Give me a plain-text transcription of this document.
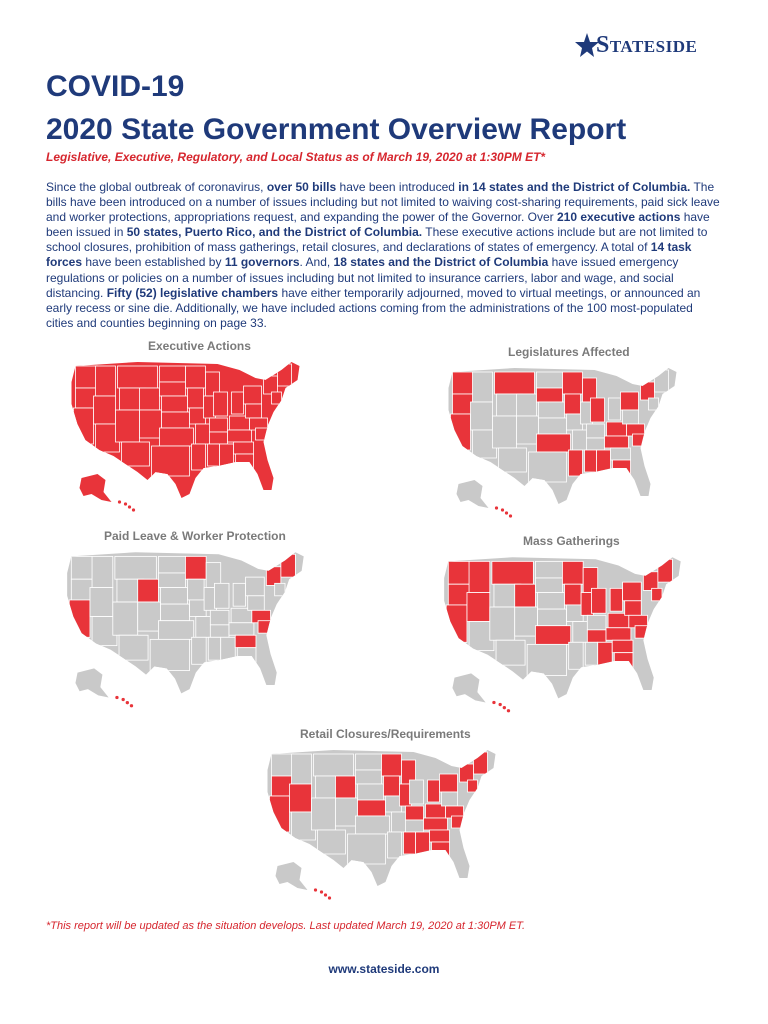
Stateside
COVID-19
2020 State Government Overview Report
Legislative, Executive, Regulatory, and Local Status as of March 19, 2020 at 1:30PM ET*
Since the global outbreak of coronavirus, over 50 bills have been introduced in 14 states and the District of Columbia. The bills have been introduced on a number of issues including but not limited to waiving cost-sharing requirements, paid sick leave and worker protections, appropriations request, and expanding the power of the Governor. Over 210 executive actions have been issued in 50 states, Puerto Rico, and the District of Columbia. These executive actions include but are not limited to school closures, prohibition of mass gatherings, retail closures, and declarations of states of emergency. A total of 14 task forces have been established by 11 governors. And, 18 states and the District of Columbia have issued emergency regulations or policies on a number of issues including but not limited to insurance carriers, labor and wage, and social distancing. Fifty (52) legislative chambers have either temporarily adjourned, moved to virtual meetings, or announced an early recess or sine die. Additionally, we have included actions coming from the administrations of the 100 most-populated cities and counties beginning on page 33.
Executive Actions	Legislatures Affected
Paid Leave & Worker Protection	Mass Gatherings
Retail Closures/Requirements
*This report will be updated as the situation develops. Last updated March 19, 2020 at 1:30PM ET.
www.stateside.com
